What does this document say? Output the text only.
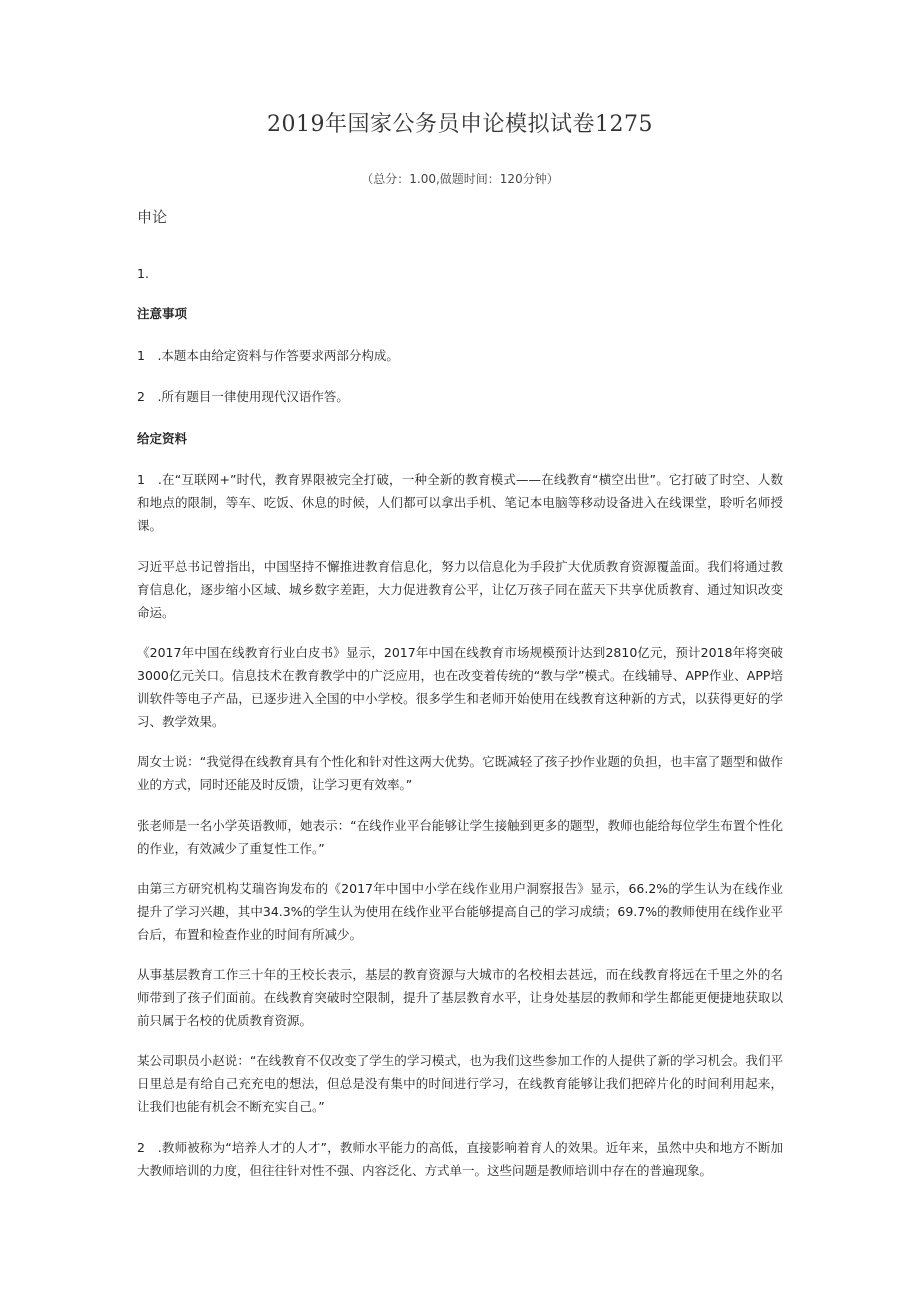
2019年国家公务员申论模拟试卷1275
（总分：1.00,做题时间：120分钟）
申论
1.
注意事项
1　.本题本由给定资料与作答要求两部分构成。
2　.所有题目一律使用现代汉语作答。
给定资料
1　.在“互联网+”时代，教育界限被完全打破，一种全新的教育模式——在线教育“横空出世”。它打破了时空、人数和地点的限制，等车、吃饭、休息的时候，人们都可以拿出手机、笔记本电脑等移动设备进入在线课堂，聆听名师授课。
习近平总书记曾指出，中国坚持不懈推进教育信息化，努力以信息化为手段扩大优质教育资源覆盖面。我们将通过教育信息化，逐步缩小区域、城乡数字差距，大力促进教育公平，让亿万孩子同在蓝天下共享优质教育、通过知识改变命运。
《2017年中国在线教育行业白皮书》显示，2017年中国在线教育市场规模预计达到2810亿元，预计2018年将突破3000亿元关口。信息技术在教育教学中的广泛应用，也在改变着传统的“教与学”模式。在线辅导、APP作业、APP培训软件等电子产品，已逐步进入全国的中小学校。很多学生和老师开始使用在线教育这种新的方式，以获得更好的学习、教学效果。
周女士说：“我觉得在线教育具有个性化和针对性这两大优势。它既减轻了孩子抄作业题的负担，也丰富了题型和做作业的方式，同时还能及时反馈，让学习更有效率。”
张老师是一名小学英语教师，她表示：“在线作业平台能够让学生接触到更多的题型，教师也能给每位学生布置个性化的作业，有效减少了重复性工作。”
由第三方研究机构艾瑞咨询发布的《2017年中国中小学在线作业用户洞察报告》显示，66.2%的学生认为在线作业提升了学习兴趣，其中34.3%的学生认为使用在线作业平台能够提高自己的学习成绩；69.7%的教师使用在线作业平台后，布置和检查作业的时间有所减少。
从事基层教育工作三十年的王校长表示，基层的教育资源与大城市的名校相去甚远，而在线教育将远在千里之外的名师带到了孩子们面前。在线教育突破时空限制，提升了基层教育水平，让身处基层的教师和学生都能更便捷地获取以前只属于名校的优质教育资源。
某公司职员小赵说：“在线教育不仅改变了学生的学习模式，也为我们这些参加工作的人提供了新的学习机会。我们平日里总是有给自己充充电的想法，但总是没有集中的时间进行学习，在线教育能够让我们把碎片化的时间利用起来，让我们也能有机会不断充实自己。”
2　.教师被称为“培养人才的人才”，教师水平能力的高低，直接影响着育人的效果。近年来，虽然中央和地方不断加大教师培训的力度，但往往针对性不强、内容泛化、方式单一。这些问题是教师培训中存在的普遍现象。
